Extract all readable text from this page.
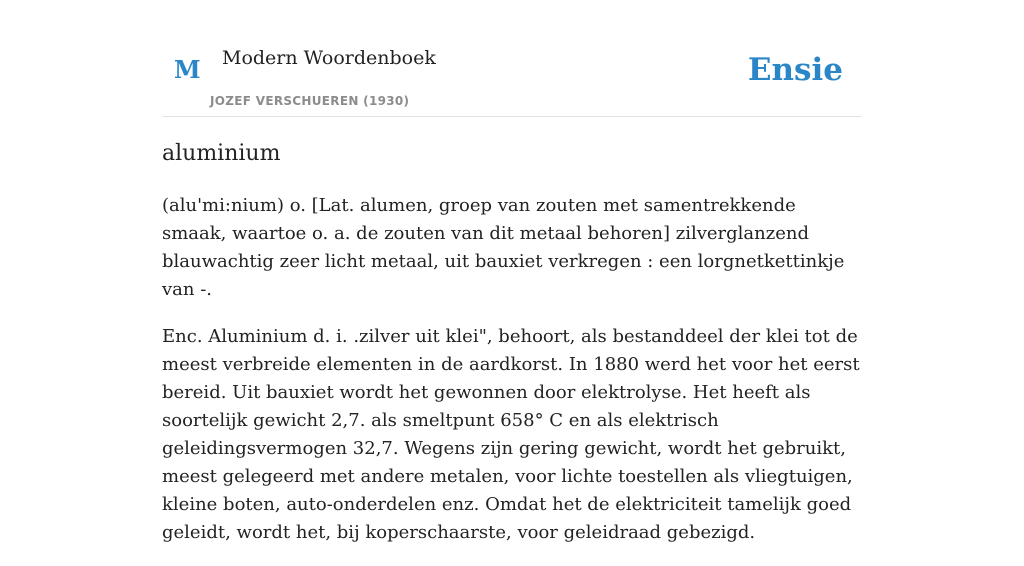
M Modern Woordenboek
JOZEF VERSCHUEREN (1930)
Ensie
aluminium

(alu'mi:nium) o. [Lat. alumen, groep van zouten met samentrekkende smaak, waartoe o. a. de zouten van dit metaal behoren] zilverglanzend blauwachtig zeer licht metaal, uit bauxiet verkregen : een lorgnetkettinkje van -.

Enc. Aluminium d. i. .zilver uit klei", behoort, als bestanddeel der klei tot de meest verbreide elementen in de aardkorst. In 1880 werd het voor het eerst bereid. Uit bauxiet wordt het gewonnen door elektrolyse. Het heeft als soortelijk gewicht 2,7. als smeltpunt 658° C en als elektrisch geleidingsvermogen 32,7. Wegens zijn gering gewicht, wordt het gebruikt, meest gelegeerd met andere metalen, voor lichte toestellen als vliegtuigen, kleine boten, auto-onderdelen enz. Omdat het de elektriciteit tamelijk goed geleidt, wordt het, bij koperschaarste, voor geleidraad gebezigd.
